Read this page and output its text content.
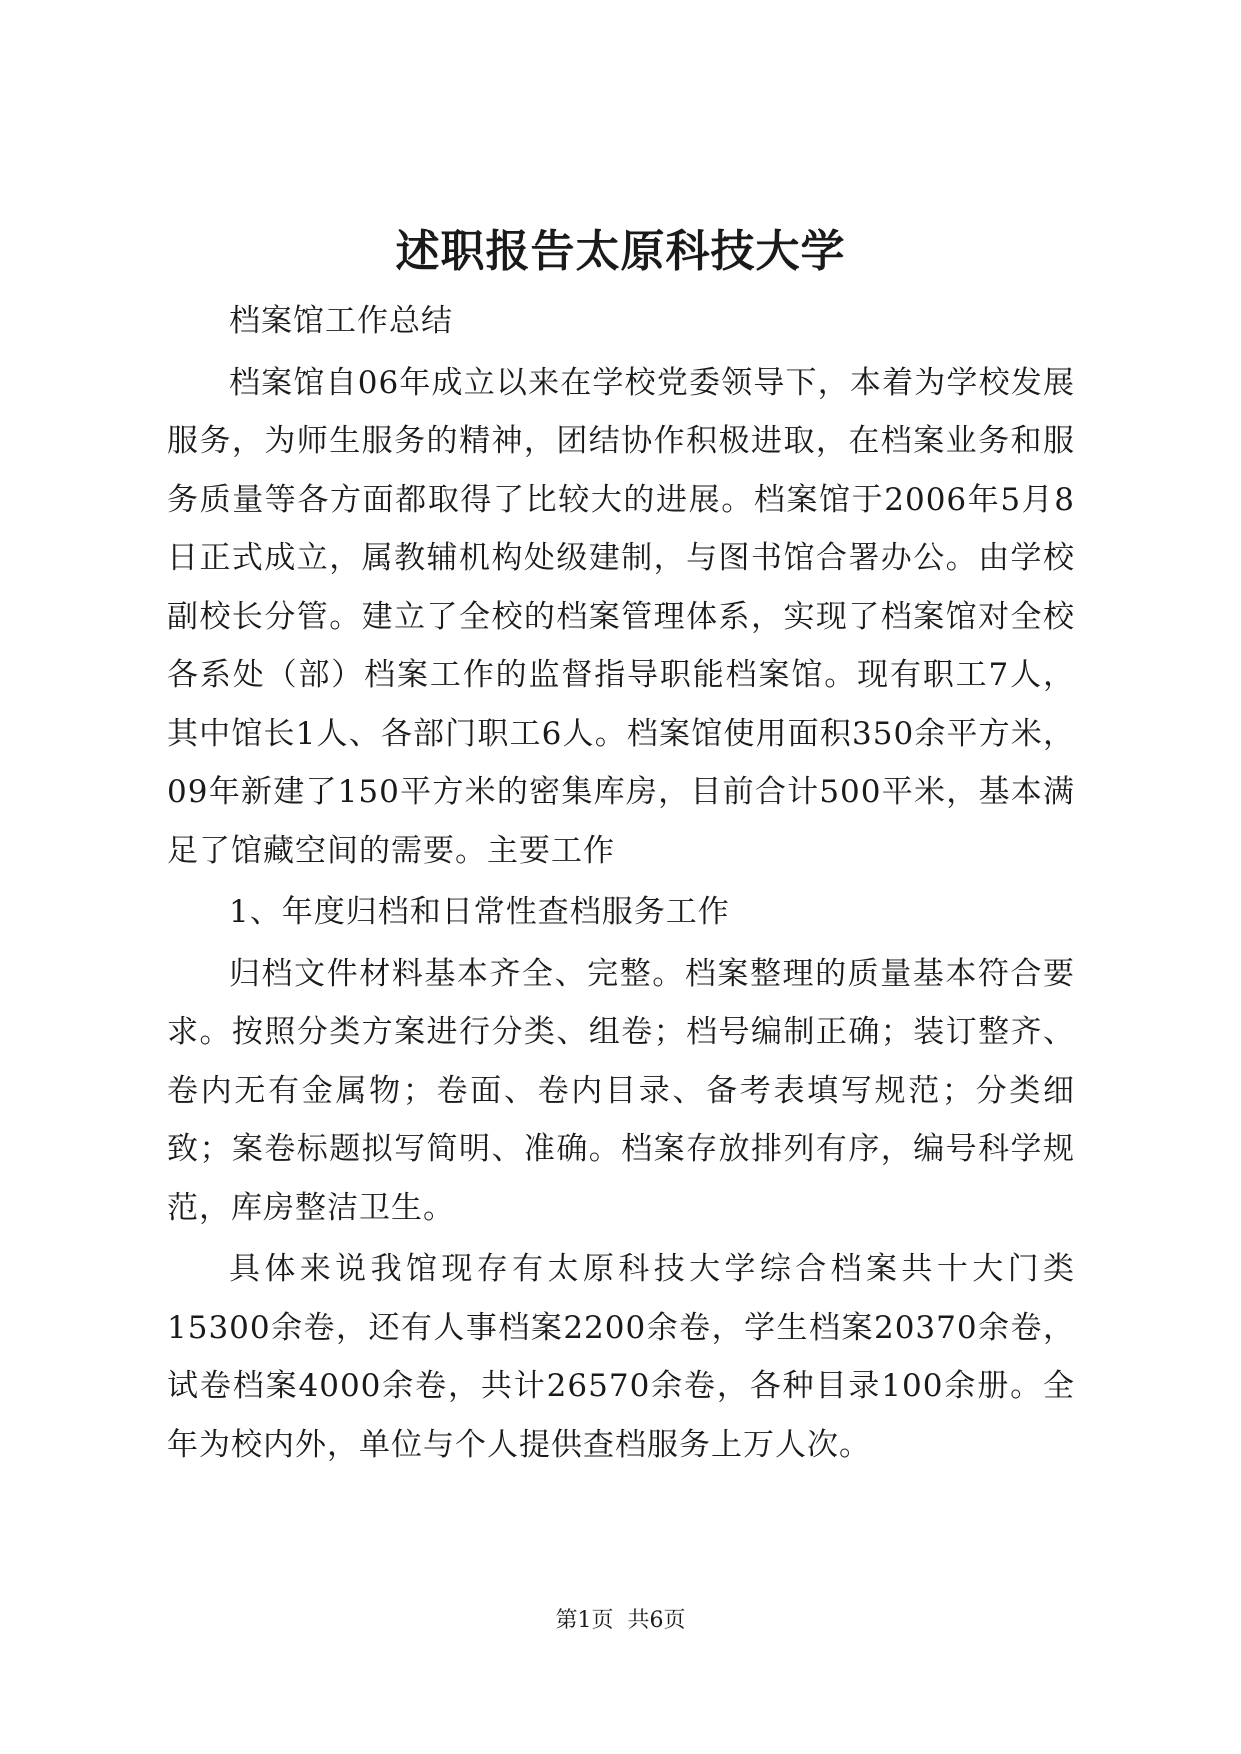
述职报告太原科技大学

档案馆工作总结

档案馆自06年成立以来在学校党委领导下，本着为学校发展服务，为师生服务的精神，团结协作积极进取，在档案业务和服务质量等各方面都取得了比较大的进展。档案馆于2006年5月8日正式成立，属教辅机构处级建制，与图书馆合署办公。由学校副校长分管。建立了全校的档案管理体系，实现了档案馆对全校各系处（部）档案工作的监督指导职能档案馆。现有职工7人，其中馆长1人、各部门职工6人。档案馆使用面积350余平方米，09年新建了150平方米的密集库房，目前合计500平米，基本满足了馆藏空间的需要。主要工作

1、年度归档和日常性查档服务工作

归档文件材料基本齐全、完整。档案整理的质量基本符合要求。按照分类方案进行分类、组卷；档号编制正确；装订整齐、卷内无有金属物；卷面、卷内目录、备考表填写规范；分类细致；案卷标题拟写简明、准确。档案存放排列有序，编号科学规范，库房整洁卫生。

具体来说我馆现存有太原科技大学综合档案共十大门类15300余卷，还有人事档案2200余卷，学生档案20370余卷，试卷档案4000余卷，共计26570余卷，各种目录100余册。全年为校内外，单位与个人提供查档服务上万人次。

第1页 共6页
